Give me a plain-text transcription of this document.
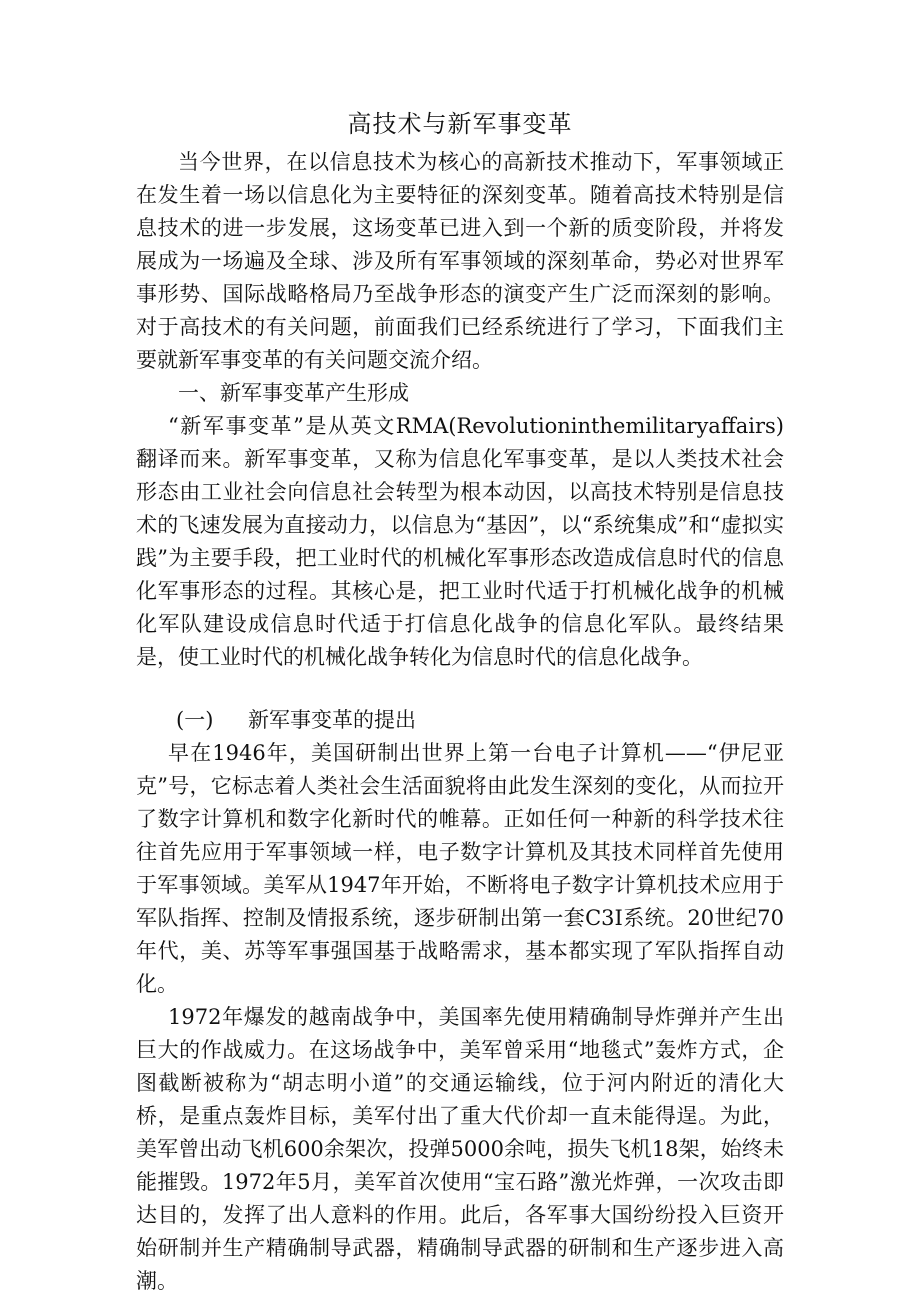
高技术与新军事变革

当今世界，在以信息技术为核心的高新技术推动下，军事领域正在发生着一场以信息化为主要特征的深刻变革。随着高技术特别是信息技术的进一步发展，这场变革已进入到一个新的质变阶段，并将发展成为一场遍及全球、涉及所有军事领域的深刻革命，势必对世界军事形势、国际战略格局乃至战争形态的演变产生广泛而深刻的影响。对于高技术的有关问题，前面我们已经系统进行了学习，下面我们主要就新军事变革的有关问题交流介绍。

一、新军事变革产生形成

“新军事变革”是从英文RMA(Revolutioninthemilitaryaffairs)翻译而来。新军事变革，又称为信息化军事变革，是以人类技术社会形态由工业社会向信息社会转型为根本动因，以高技术特别是信息技术的飞速发展为直接动力，以信息为“基因”，以“系统集成”和“虚拟实践”为主要手段，把工业时代的机械化军事形态改造成信息时代的信息化军事形态的过程。其核心是，把工业时代适于打机械化战争的机械化军队建设成信息时代适于打信息化战争的信息化军队。最终结果是，使工业时代的机械化战争转化为信息时代的信息化战争。

(一) 新军事变革的提出

早在1946年，美国研制出世界上第一台电子计算机——“伊尼亚克”号，它标志着人类社会生活面貌将由此发生深刻的变化，从而拉开了数字计算机和数字化新时代的帷幕。正如任何一种新的科学技术往往首先应用于军事领域一样，电子数字计算机及其技术同样首先使用于军事领域。美军从1947年开始，不断将电子数字计算机技术应用于军队指挥、控制及情报系统，逐步研制出第一套C3I系统。20世纪70年代，美、苏等军事强国基于战略需求，基本都实现了军队指挥自动化。

1972年爆发的越南战争中，美国率先使用精确制导炸弹并产生出巨大的作战威力。在这场战争中，美军曾采用“地毯式”轰炸方式，企图截断被称为“胡志明小道”的交通运输线，位于河内附近的清化大桥，是重点轰炸目标，美军付出了重大代价却一直未能得逞。为此，美军曾出动飞机600余架次，投弹5000余吨，损失飞机18架，始终未能摧毁。1972年5月，美军首次使用“宝石路”激光炸弹，一次攻击即达目的，发挥了出人意料的作用。此后，各军事大国纷纷投入巨资开始研制并生产精确制导武器，精确制导武器的研制和生产逐步进入高潮。
